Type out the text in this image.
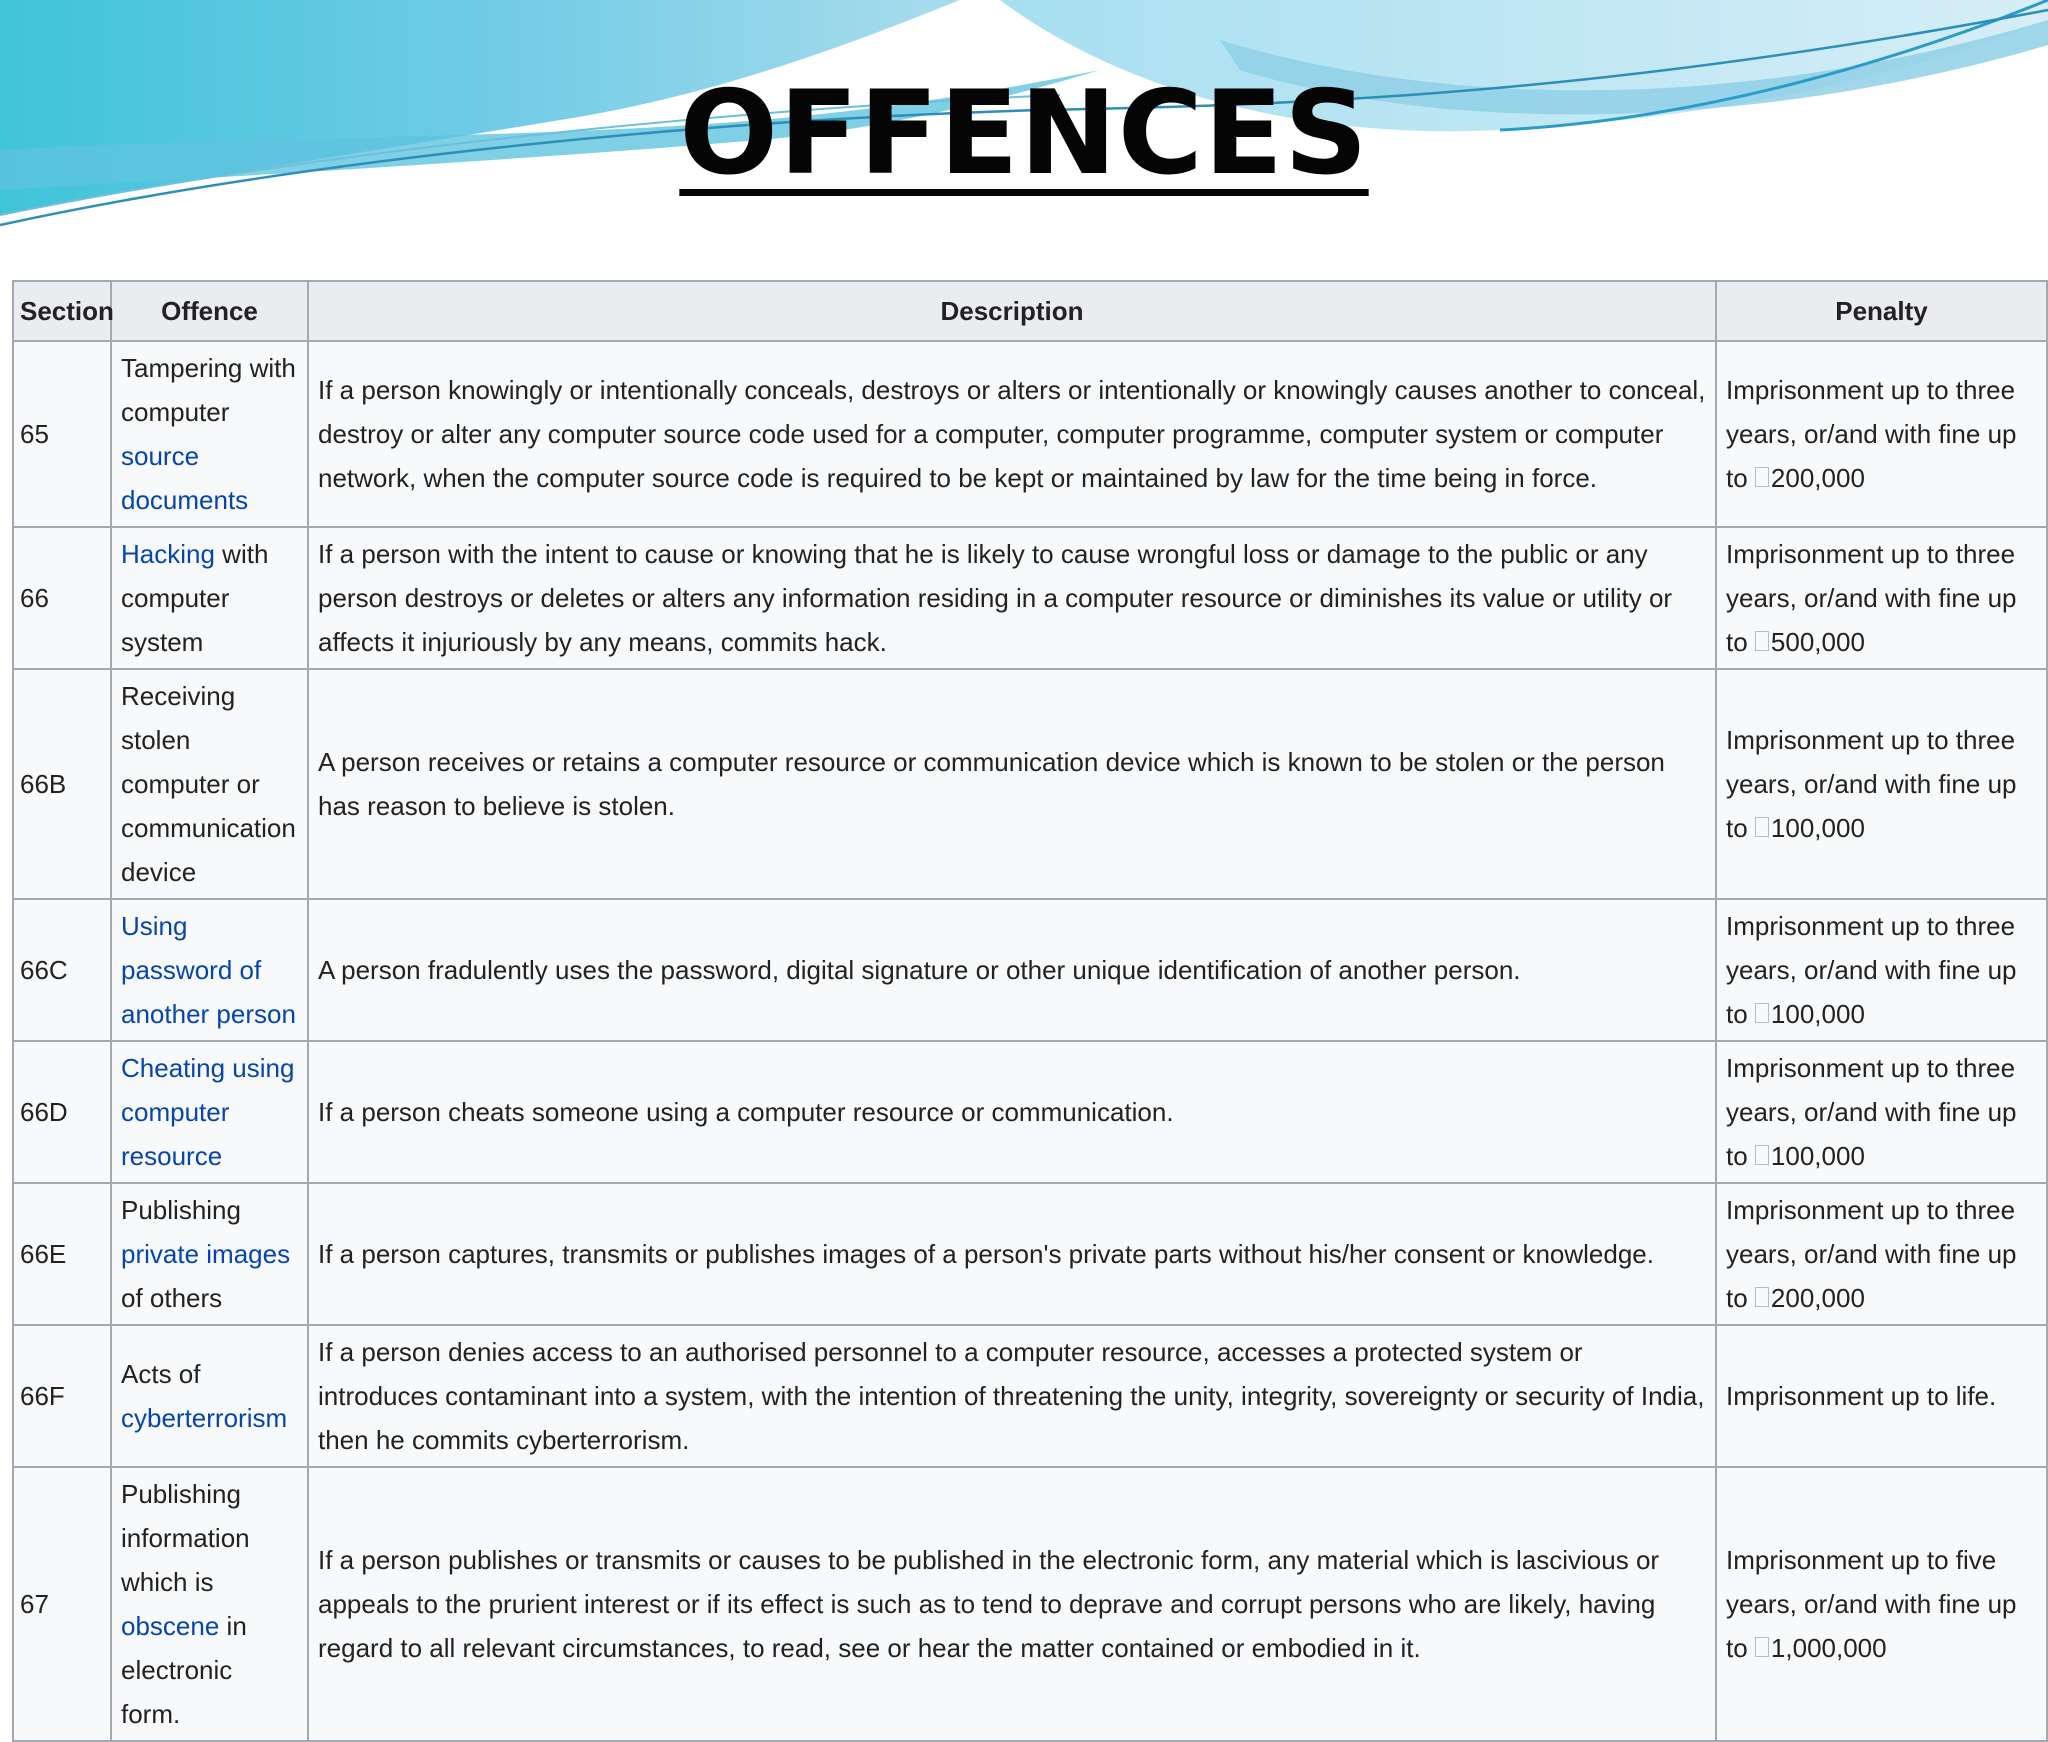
OFFENCES
Section	Offence	Description	Penalty
65	Tampering with computer source documents	If a person knowingly or intentionally conceals, destroys or alters or intentionally or knowingly causes another to conceal, destroy or alter any computer source code used for a computer, computer programme, computer system or computer network, when the computer source code is required to be kept or maintained by law for the time being in force.	Imprisonment up to three years, or/and with fine up to 200,000
66	Hacking with computer system	If a person with the intent to cause or knowing that he is likely to cause wrongful loss or damage to the public or any person destroys or deletes or alters any information residing in a computer resource or diminishes its value or utility or affects it injuriously by any means, commits hack.	Imprisonment up to three years, or/and with fine up to 500,000
66B	Receiving stolen computer or communication device	A person receives or retains a computer resource or communication device which is known to be stolen or the person has reason to believe is stolen.	Imprisonment up to three years, or/and with fine up to 100,000
66C	Using password of another person	A person fradulently uses the password, digital signature or other unique identification of another person.	Imprisonment up to three years, or/and with fine up to 100,000
66D	Cheating using computer resource	If a person cheats someone using a computer resource or communication.	Imprisonment up to three years, or/and with fine up to 100,000
66E	Publishing private images of others	If a person captures, transmits or publishes images of a person's private parts without his/her consent or knowledge.	Imprisonment up to three years, or/and with fine up to 200,000
66F	Acts of cyberterrorism	If a person denies access to an authorised personnel to a computer resource, accesses a protected system or introduces contaminant into a system, with the intention of threatening the unity, integrity, sovereignty or security of India, then he commits cyberterrorism.	Imprisonment up to life.
67	Publishing information which is obscene in electronic form.	If a person publishes or transmits or causes to be published in the electronic form, any material which is lascivious or appeals to the prurient interest or if its effect is such as to tend to deprave and corrupt persons who are likely, having regard to all relevant circumstances, to read, see or hear the matter contained or embodied in it.	Imprisonment up to five years, or/and with fine up to 1,000,000
